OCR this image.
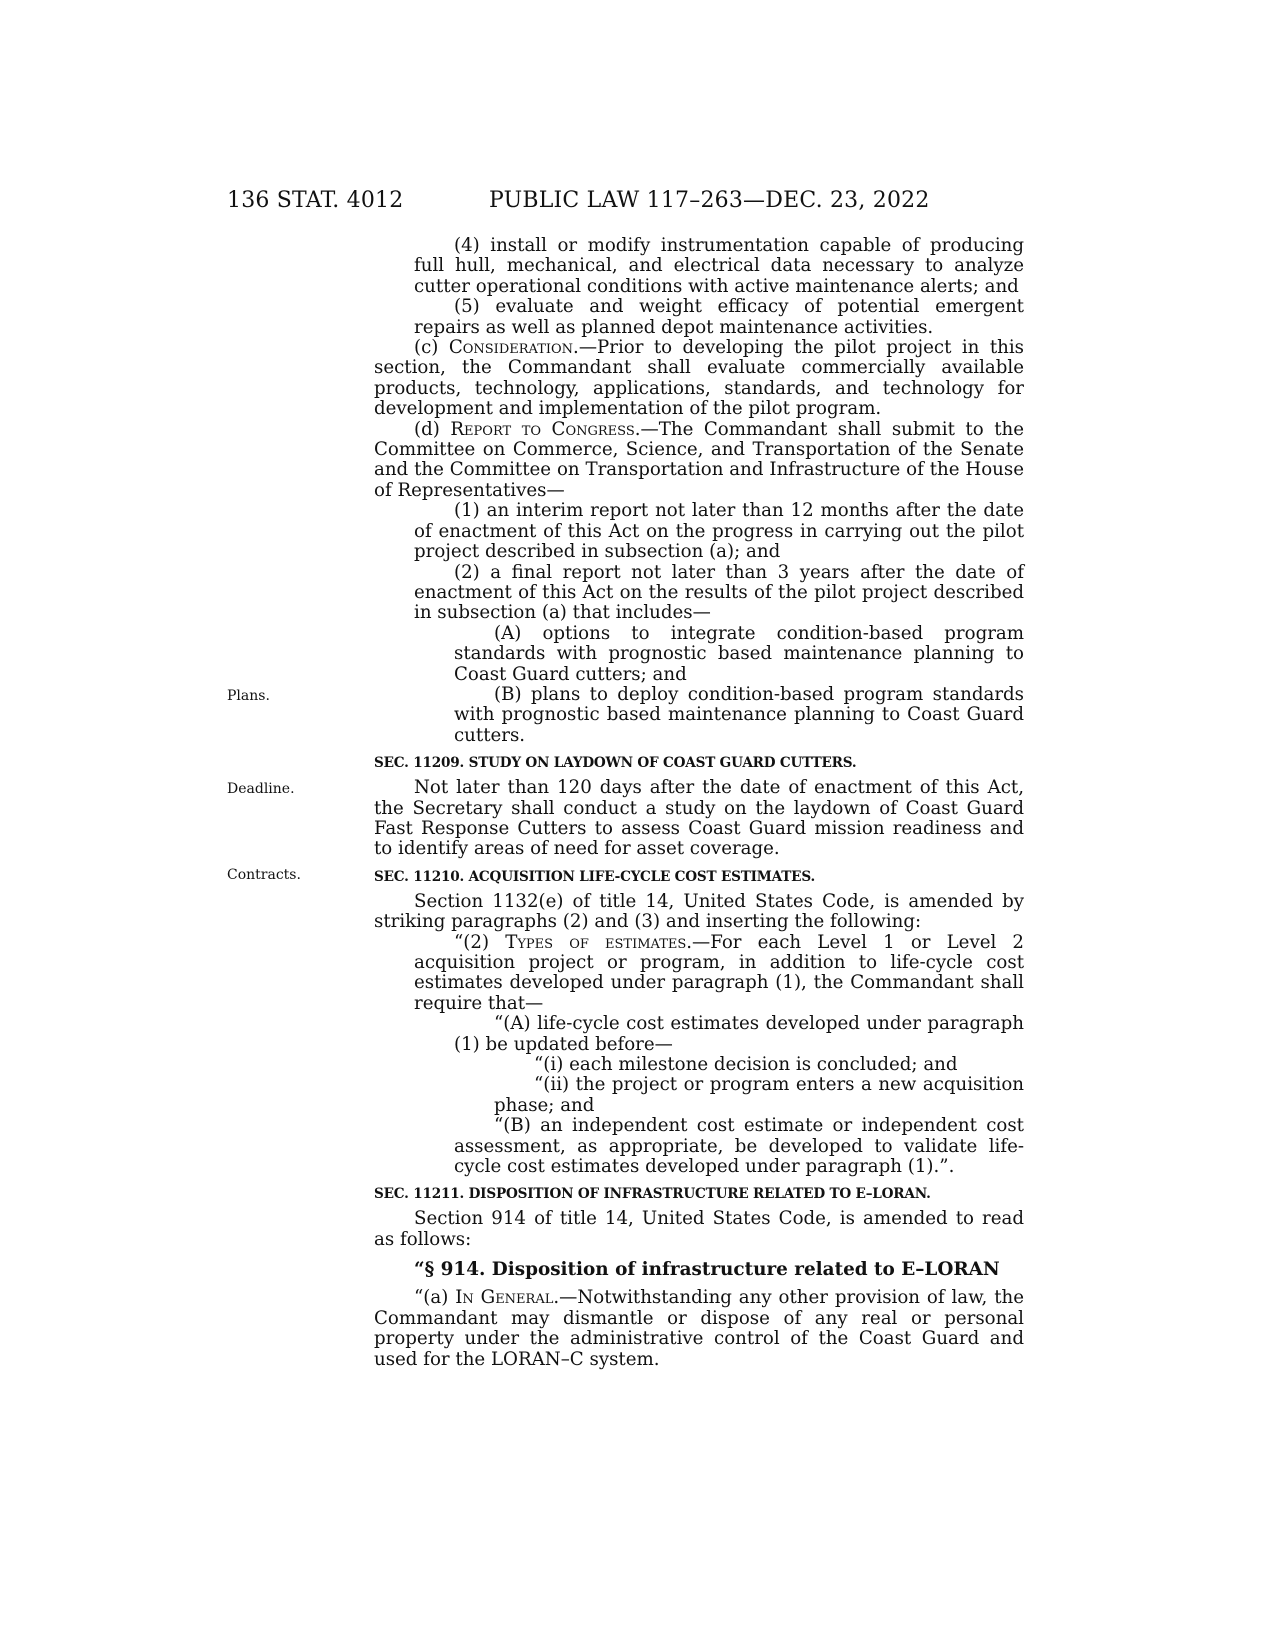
136 STAT. 4012	PUBLIC LAW 117–263—DEC. 23, 2022
Plans.
Deadline.
Contracts.

(4) install or modify instrumentation capable of producing full hull, mechanical, and electrical data necessary to analyze cutter operational conditions with active maintenance alerts; and

(5) evaluate and weight efficacy of potential emergent repairs as well as planned depot maintenance activities.

(c) Consideration.—Prior to developing the pilot project in this section, the Commandant shall evaluate commercially available products, technology, applications, standards, and technology for development and implementation of the pilot program.

(d) Report to Congress.—The Commandant shall submit to the Committee on Commerce, Science, and Transportation of the Senate and the Committee on Transportation and Infrastructure of the House of Representatives—

(1) an interim report not later than 12 months after the date of enactment of this Act on the progress in carrying out the pilot project described in subsection (a); and

(2) a final report not later than 3 years after the date of enactment of this Act on the results of the pilot project described in subsection (a) that includes—

(A) options to integrate condition-based program standards with prognostic based maintenance planning to Coast Guard cutters; and

(B) plans to deploy condition-based program standards with prognostic based maintenance planning to Coast Guard cutters.

SEC. 11209. STUDY ON LAYDOWN OF COAST GUARD CUTTERS.

Not later than 120 days after the date of enactment of this Act, the Secretary shall conduct a study on the laydown of Coast Guard Fast Response Cutters to assess Coast Guard mission readiness and to identify areas of need for asset coverage.

SEC. 11210. ACQUISITION LIFE-CYCLE COST ESTIMATES.

Section 1132(e) of title 14, United States Code, is amended by striking paragraphs (2) and (3) and inserting the following:

“(2) Types of estimates.—For each Level 1 or Level 2 acquisition project or program, in addition to life-cycle cost estimates developed under paragraph (1), the Commandant shall require that—

“(A) life-cycle cost estimates developed under paragraph (1) be updated before—

“(i) each milestone decision is concluded; and

“(ii) the project or program enters a new acquisition phase; and

“(B) an independent cost estimate or independent cost assessment, as appropriate, be developed to validate life-cycle cost estimates developed under paragraph (1).”.

SEC. 11211. DISPOSITION OF INFRASTRUCTURE RELATED TO E–LORAN.

Section 914 of title 14, United States Code, is amended to read as follows:

“§ 914. Disposition of infrastructure related to E–LORAN

“(a) In General.—Notwithstanding any other provision of law, the Commandant may dismantle or dispose of any real or personal property under the administrative control of the Coast Guard and used for the LORAN–C system.
